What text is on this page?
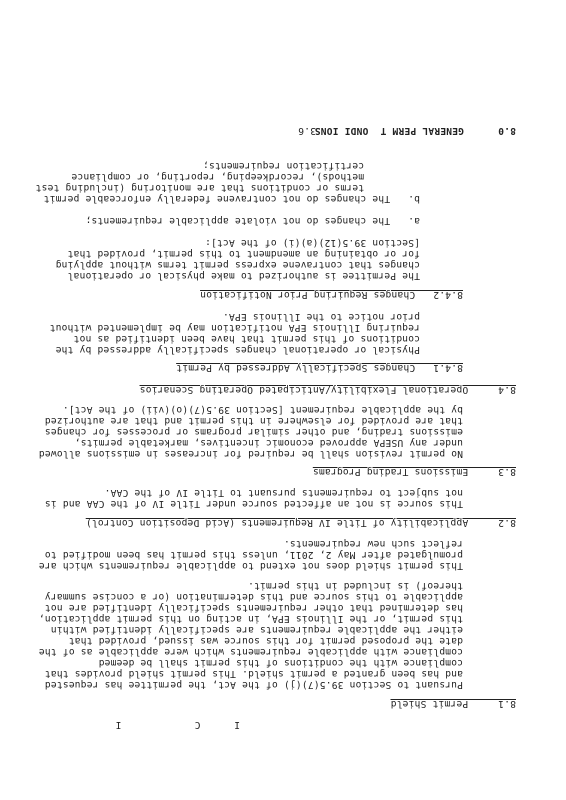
8.0
GENERAL PERM T  ONDI IONS
3.6
certification requirements;
methods), recordkeeping, reporting, or compliance
terms or conditions that are monitoring (including test
b.   The changes do not contravene federally enforceable permit
a.   The changes do not violate applicable requirements;
[Section 39.5(12)(a)(i) of the Act]:
for or obtaining an amendment to this permit, provided that
changes that contravene express permit terms without applying
The Permittee is authorized to make physical or operational
8.4.2   Changes Requiring Prior Notification
prior notice to the Illinois EPA.
requiring Illinois EPA notification may be implemented without
conditions of this permit that have been identified as not
Physical or operational changes specifically addressed by the
8.4.1   Changes Specifically Addressed by Permit
8.4     Operational Flexibility/Anticipated Operating Scenarios
by the applicable requirement [Section 39.5(7)(o)(vii) of the Act].
that are provided for elsewhere in this permit and that are authorized
emissions trading, and other similar programs or processes for changes
under any USEPA approved economic incentives, marketable permits,
No permit revision shall be required for increases in emissions allowed
8.3     Emissions Trading Programs
not subject to requirements pursuant to Title IV of the CAA.
This source is not an affected source under Title IV of the CAA and is
8.2     Applicability of Title IV Requirements (Acid Deposition Control)
reflect such new requirements.
promulgated after May 2, 2011, unless this permit has been modified to
This permit shield does not extend to applicable requirements which are
thereof) is included in this permit.
applicable to this source and this determination (or a concise summary
has determined that other requirements specifically identified are not
this permit, or the Illinois EPA, in acting on this permit application,
either the applicable requirements are specifically identified within
date the proposed permit for this source was issued, provided that
compliance with applicable requirements which were applicable as of the
compliance with the conditions of this permit shall be deemed
and has been granted a permit shield. This permit shield provides that
Pursuant to Section 39.5(7)(j) of the Act, the permittee has requested
8.1     Permit Shield
I C   I
